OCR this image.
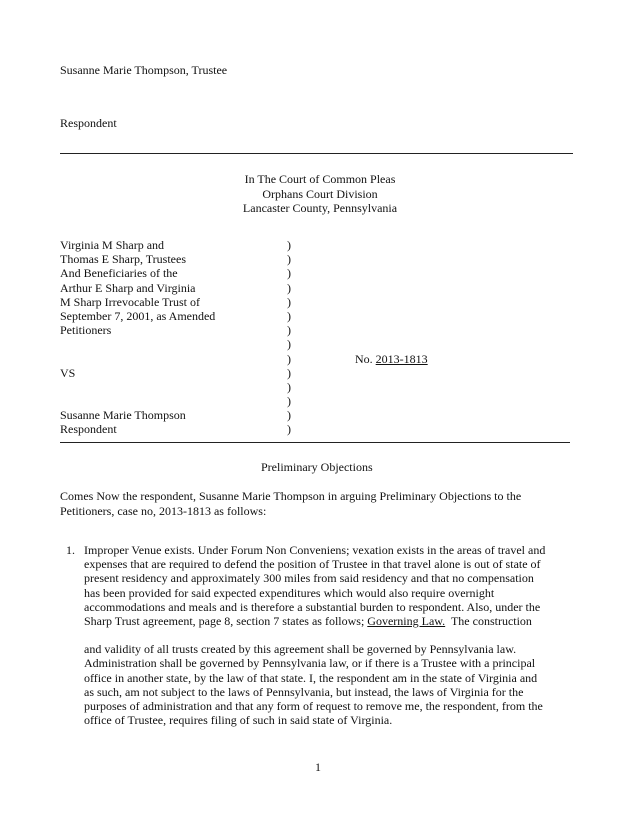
Susanne Marie Thompson, Trustee
Respondent
In The Court of Common Pleas
Orphans Court Division
Lancaster County, Pennsylvania
Virginia M Sharp and
Thomas E Sharp, Trustees
And Beneficiaries of the
Arthur E Sharp and Virginia
M Sharp Irrevocable Trust of
September 7, 2001, as Amended
Petitioners
VS
Susanne Marie Thompson
Respondent
)
)
)
)
)
)
)
)
)
)
)
)
)
)
No. 2013-1813
Preliminary Objections
Comes Now the respondent, Susanne Marie Thompson in arguing Preliminary Objections to the
Petitioners, case no, 2013-1813 as follows:
1. Improper Venue exists. Under Forum Non Conveniens; vexation exists in the areas of travel and
expenses that are required to defend the position of Trustee in that travel alone is out of state of
present residency and approximately 300 miles from said residency and that no compensation
has been provided for said expected expenditures which would also require overnight
accommodations and meals and is therefore a substantial burden to respondent. Also, under the
Sharp Trust agreement, page 8, section 7 states as follows; Governing Law.  The construction
and validity of all trusts created by this agreement shall be governed by Pennsylvania law.
Administration shall be governed by Pennsylvania law, or if there is a Trustee with a principal
office in another state, by the law of that state. I, the respondent am in the state of Virginia and
as such, am not subject to the laws of Pennsylvania, but instead, the laws of Virginia for the
purposes of administration and that any form of request to remove me, the respondent, from the
office of Trustee, requires filing of such in said state of Virginia.
1
